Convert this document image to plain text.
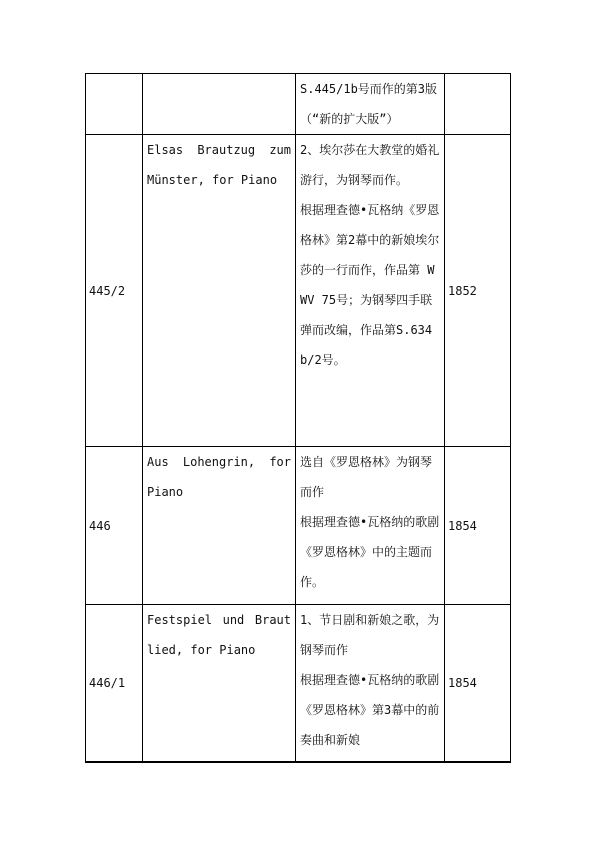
		S.445/1b号而作的第3版（“新的扩大版”）	

445/2	Elsas Brautzug zum Münster, for Piano	2、埃尔莎在大教堂的婚礼游行，为钢琴而作。
根据理查德•瓦格纳《罗恩格林》第2幕中的新娘埃尔莎的一行而作，作品第 WWV 75号；为钢琴四手联弹而改编，作品第S.634b/2号。	1852
446	Aus Lohengrin, for Piano	选自《罗恩格林》为钢琴而作
根据理查德•瓦格纳的歌剧《罗恩格林》中的主题而作。	1854
446/1	Festspiel und Brautlied, for Piano	1、节日剧和新娘之歌，为钢琴而作
根据理查德•瓦格纳的歌剧《罗恩格林》第3幕中的前奏曲和新娘	1854
